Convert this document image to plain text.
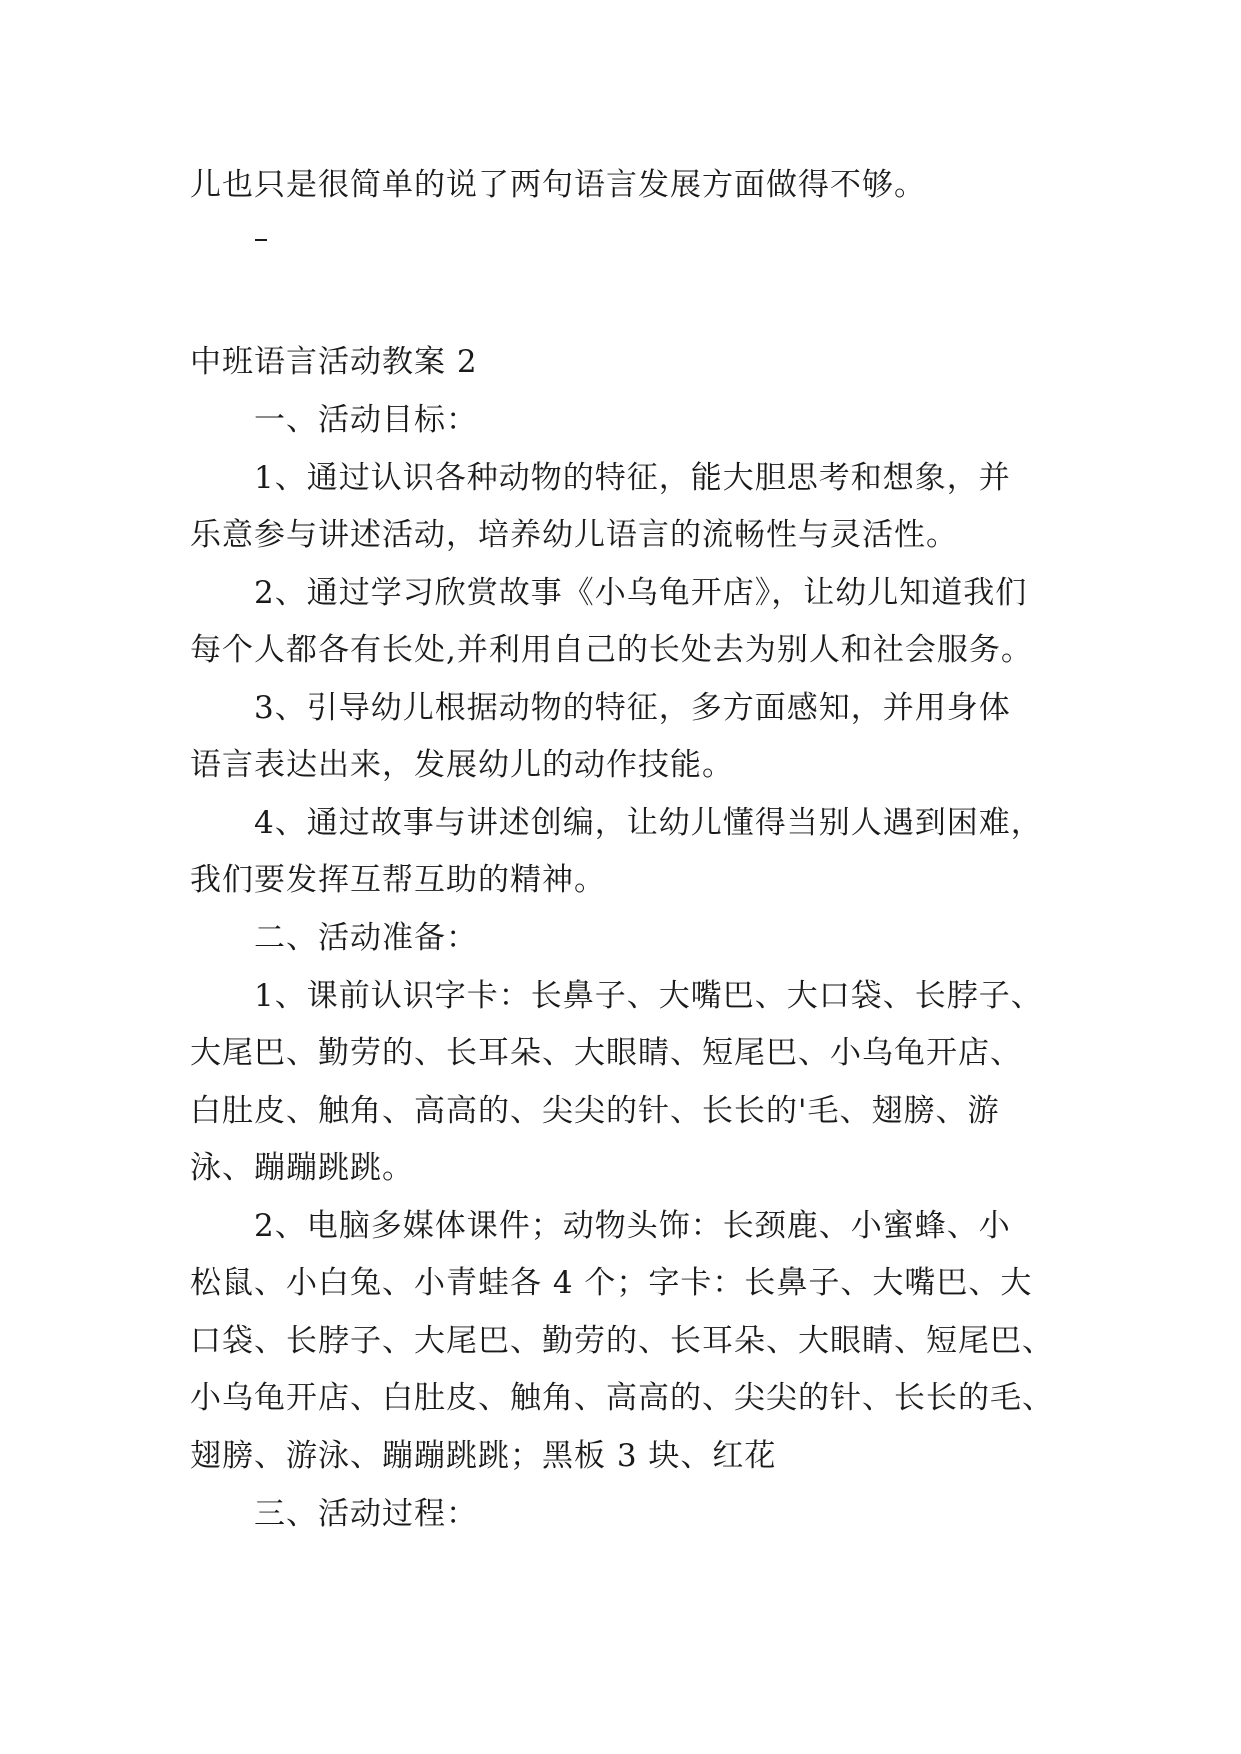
儿也只是很简单的说了两句语言发展方面做得不够。
中班语言活动教案 2
一、活动目标：
1、通过认识各种动物的特征，能大胆思考和想象，并
乐意参与讲述活动，培养幼儿语言的流畅性与灵活性。
2、通过学习欣赏故事《小乌龟开店》，让幼儿知道我们
每个人都各有长处,并利用自己的长处去为别人和社会服务。
3、引导幼儿根据动物的特征，多方面感知，并用身体
语言表达出来，发展幼儿的动作技能。
4、通过故事与讲述创编，让幼儿懂得当别人遇到困难，
我们要发挥互帮互助的精神。
二、活动准备：
1、课前认识字卡：长鼻子、大嘴巴、大口袋、长脖子、
大尾巴、勤劳的、长耳朵、大眼睛、短尾巴、小乌龟开店、
白肚皮、触角、高高的、尖尖的针、长长的'毛、翅膀、游
泳、蹦蹦跳跳。
2、电脑多媒体课件；动物头饰：长颈鹿、小蜜蜂、小
松鼠、小白兔、小青蛙各 4 个；字卡：长鼻子、大嘴巴、大
口袋、长脖子、大尾巴、勤劳的、长耳朵、大眼睛、短尾巴、
小乌龟开店、白肚皮、触角、高高的、尖尖的针、长长的毛、
翅膀、游泳、蹦蹦跳跳；黑板 3 块、红花
三、活动过程：
